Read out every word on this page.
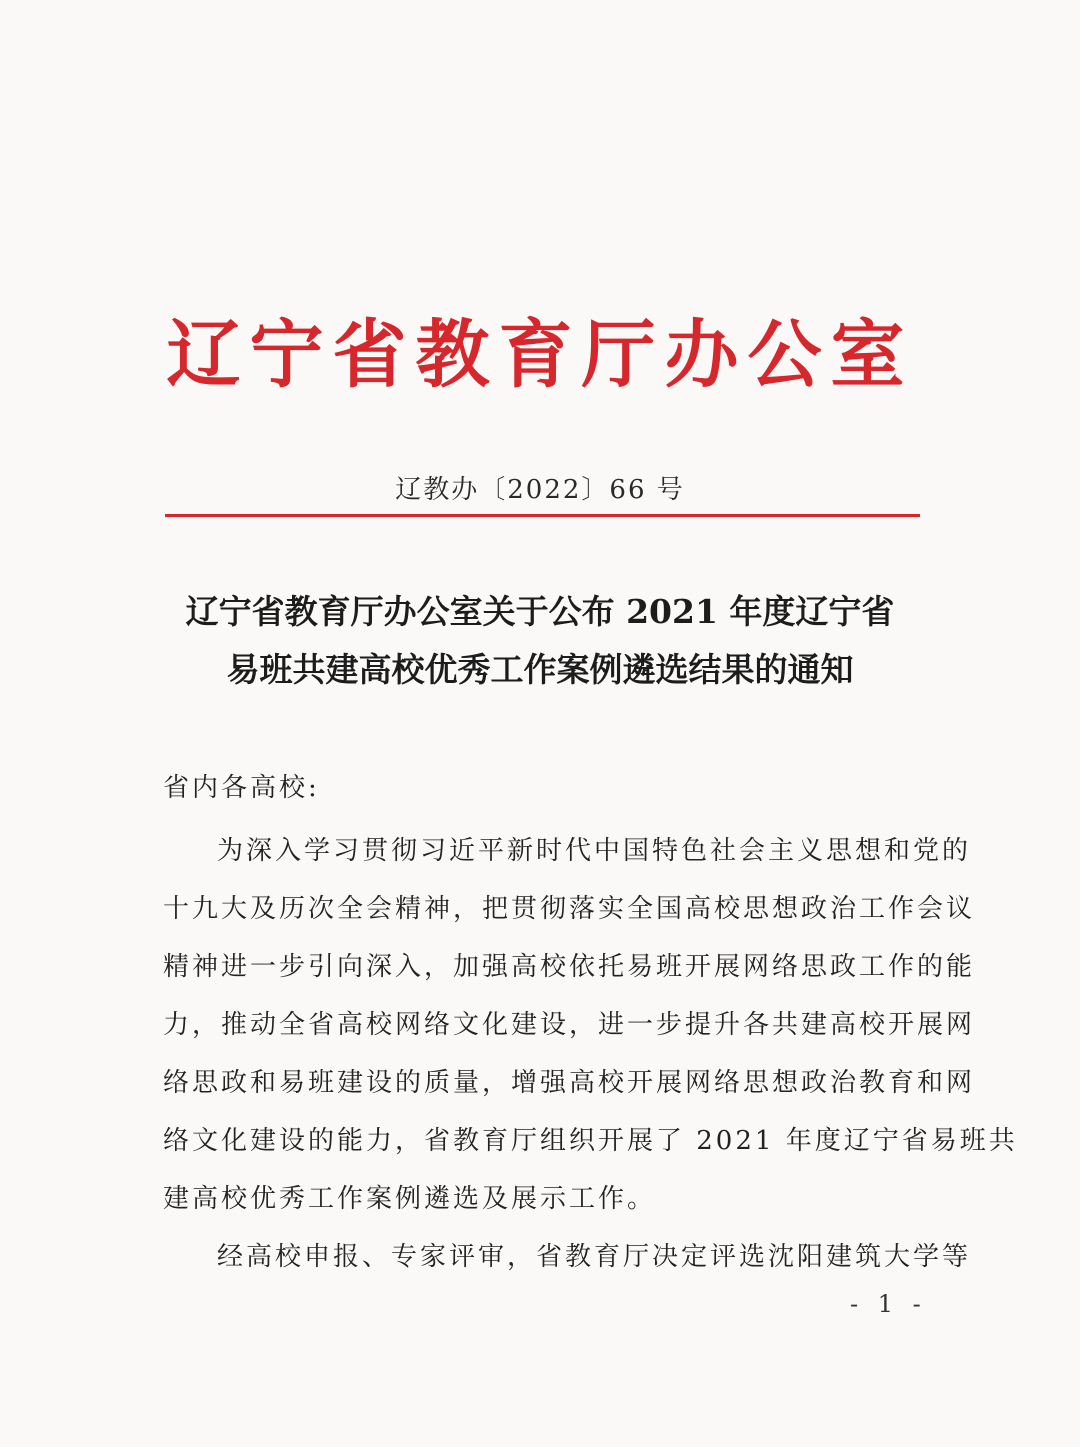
辽宁省教育厅办公室
辽教办〔2022〕66 号
辽宁省教育厅办公室关于公布 2021 年度辽宁省
易班共建高校优秀工作案例遴选结果的通知
省内各高校:
为深入学习贯彻习近平新时代中国特色社会主义思想和党的
十九大及历次全会精神，把贯彻落实全国高校思想政治工作会议
精神进一步引向深入，加强高校依托易班开展网络思政工作的能
力，推动全省高校网络文化建设，进一步提升各共建高校开展网
络思政和易班建设的质量，增强高校开展网络思想政治教育和网
络文化建设的能力，省教育厅组织开展了 2021 年度辽宁省易班共
建高校优秀工作案例遴选及展示工作。
经高校申报、专家评审，省教育厅决定评选沈阳建筑大学等
- 1 -
